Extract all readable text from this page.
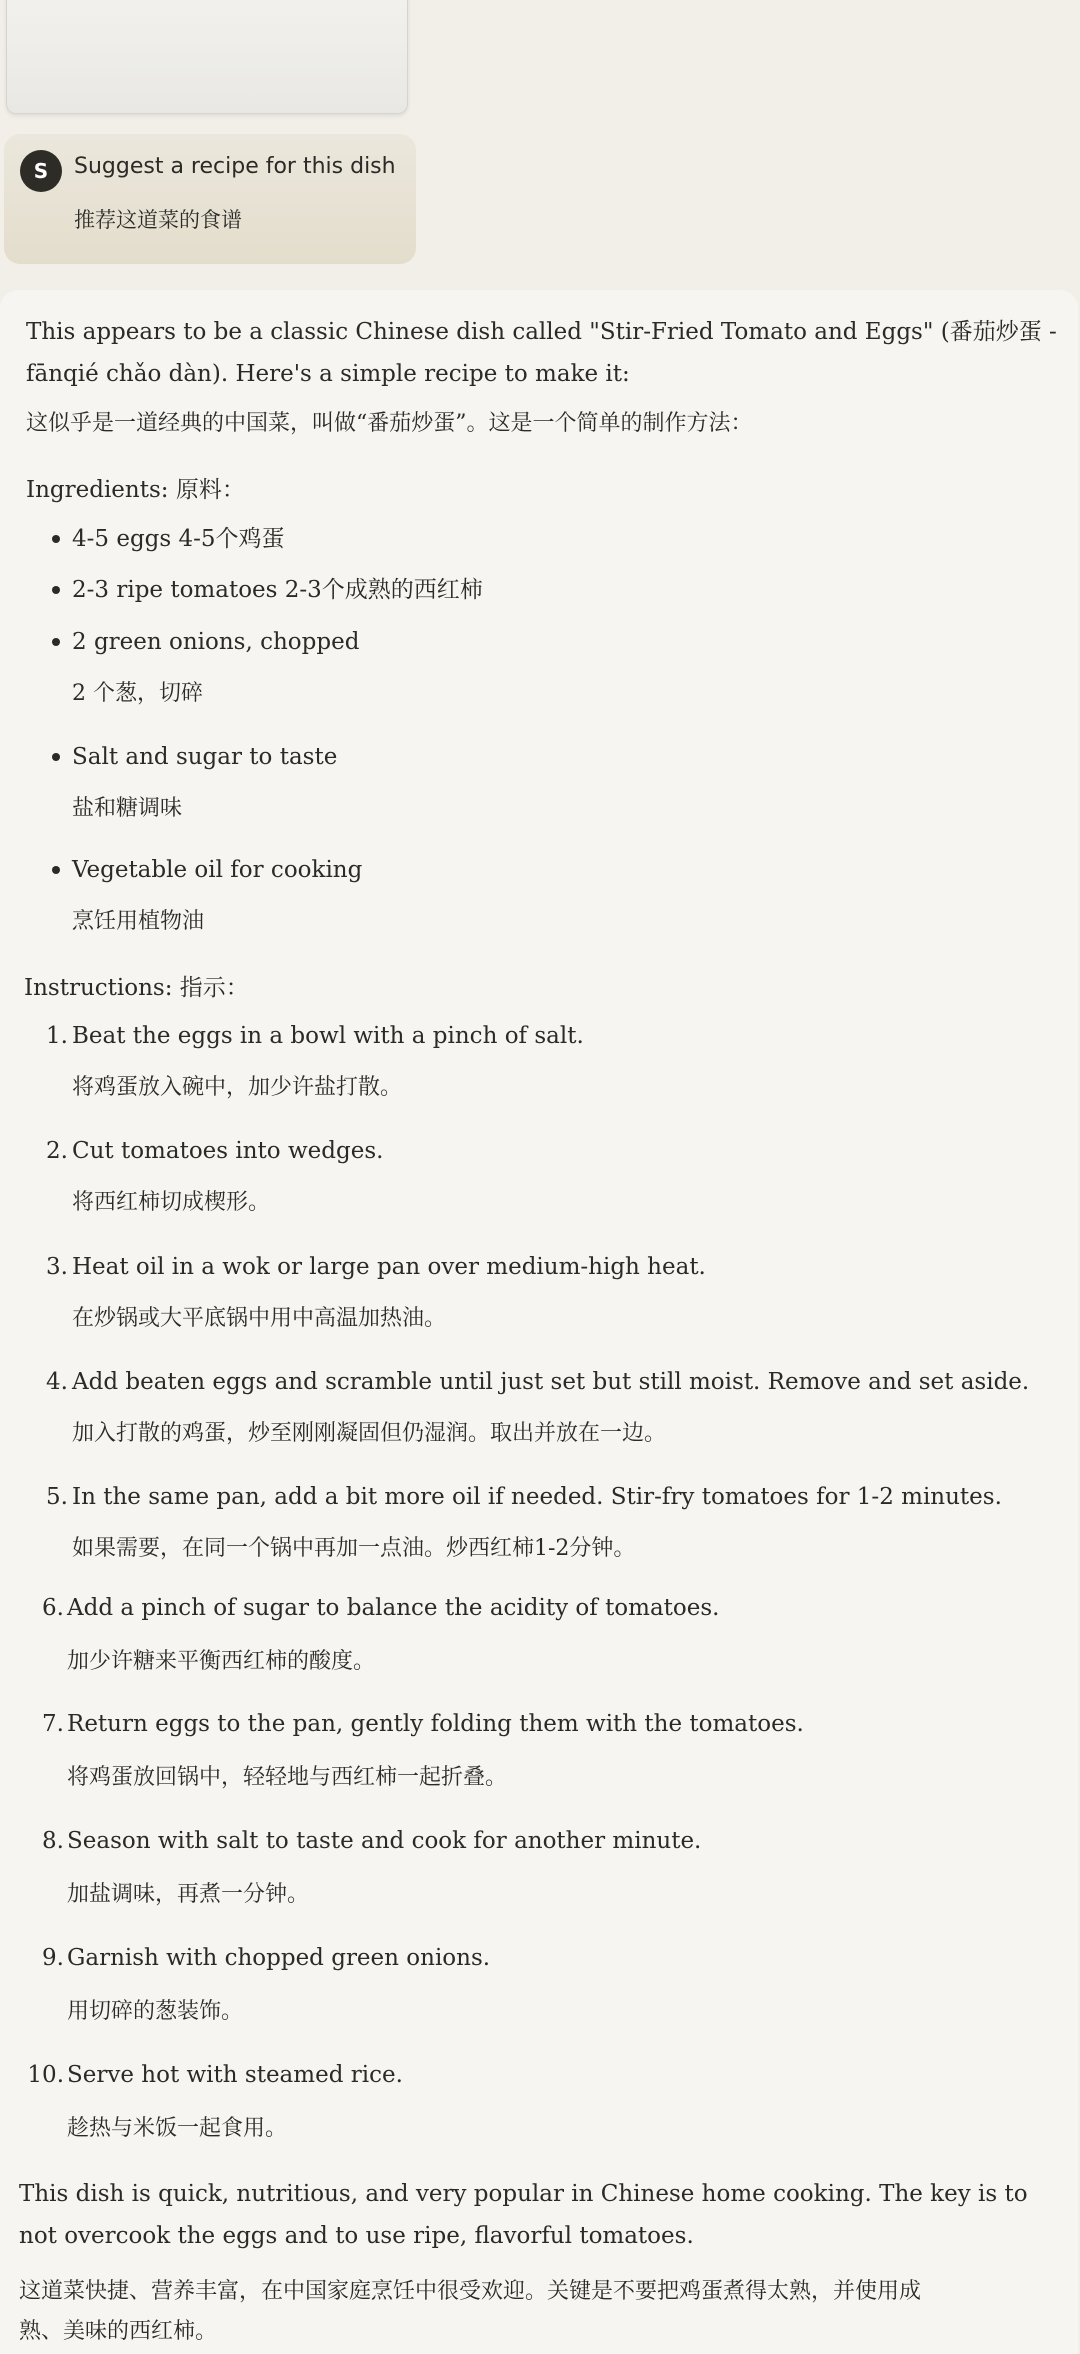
S	Suggest a recipe for this dish
推荐这道菜的食谱
This appears to be a classic Chinese dish called "Stir-Fried Tomato and Eggs" (番茄炒蛋 -
fānqié chǎo dàn). Here's a simple recipe to make it:
这似乎是一道经典的中国菜，叫做“番茄炒蛋”。这是一个简单的制作方法：
Ingredients: 原料：
4-5 eggs 4-5个鸡蛋
2-3 ripe tomatoes 2-3个成熟的西红柿
2 green onions, chopped
2 个葱，切碎
Salt and sugar to taste
盐和糖调味
Vegetable oil for cooking
烹饪用植物油
Instructions: 指示：
1. Beat the eggs in a bowl with a pinch of salt.
将鸡蛋放入碗中，加少许盐打散。
2. Cut tomatoes into wedges.
将西红柿切成楔形。
3. Heat oil in a wok or large pan over medium-high heat.
在炒锅或大平底锅中用中高温加热油。
4. Add beaten eggs and scramble until just set but still moist. Remove and set aside.
加入打散的鸡蛋，炒至刚刚凝固但仍湿润。取出并放在一边。
5. In the same pan, add a bit more oil if needed. Stir-fry tomatoes for 1-2 minutes.
如果需要，在同一个锅中再加一点油。炒西红柿1-2分钟。
6. Add a pinch of sugar to balance the acidity of tomatoes.
加少许糖来平衡西红柿的酸度。
7. Return eggs to the pan, gently folding them with the tomatoes.
将鸡蛋放回锅中，轻轻地与西红柿一起折叠。
8. Season with salt to taste and cook for another minute.
加盐调味，再煮一分钟。
9. Garnish with chopped green onions.
用切碎的葱装饰。
10. Serve hot with steamed rice.
趁热与米饭一起食用。
This dish is quick, nutritious, and very popular in Chinese home cooking. The key is to
not overcook the eggs and to use ripe, flavorful tomatoes.
这道菜快捷、营养丰富，在中国家庭烹饪中很受欢迎。关键是不要把鸡蛋煮得太熟，并使用成
熟、美味的西红柿。
